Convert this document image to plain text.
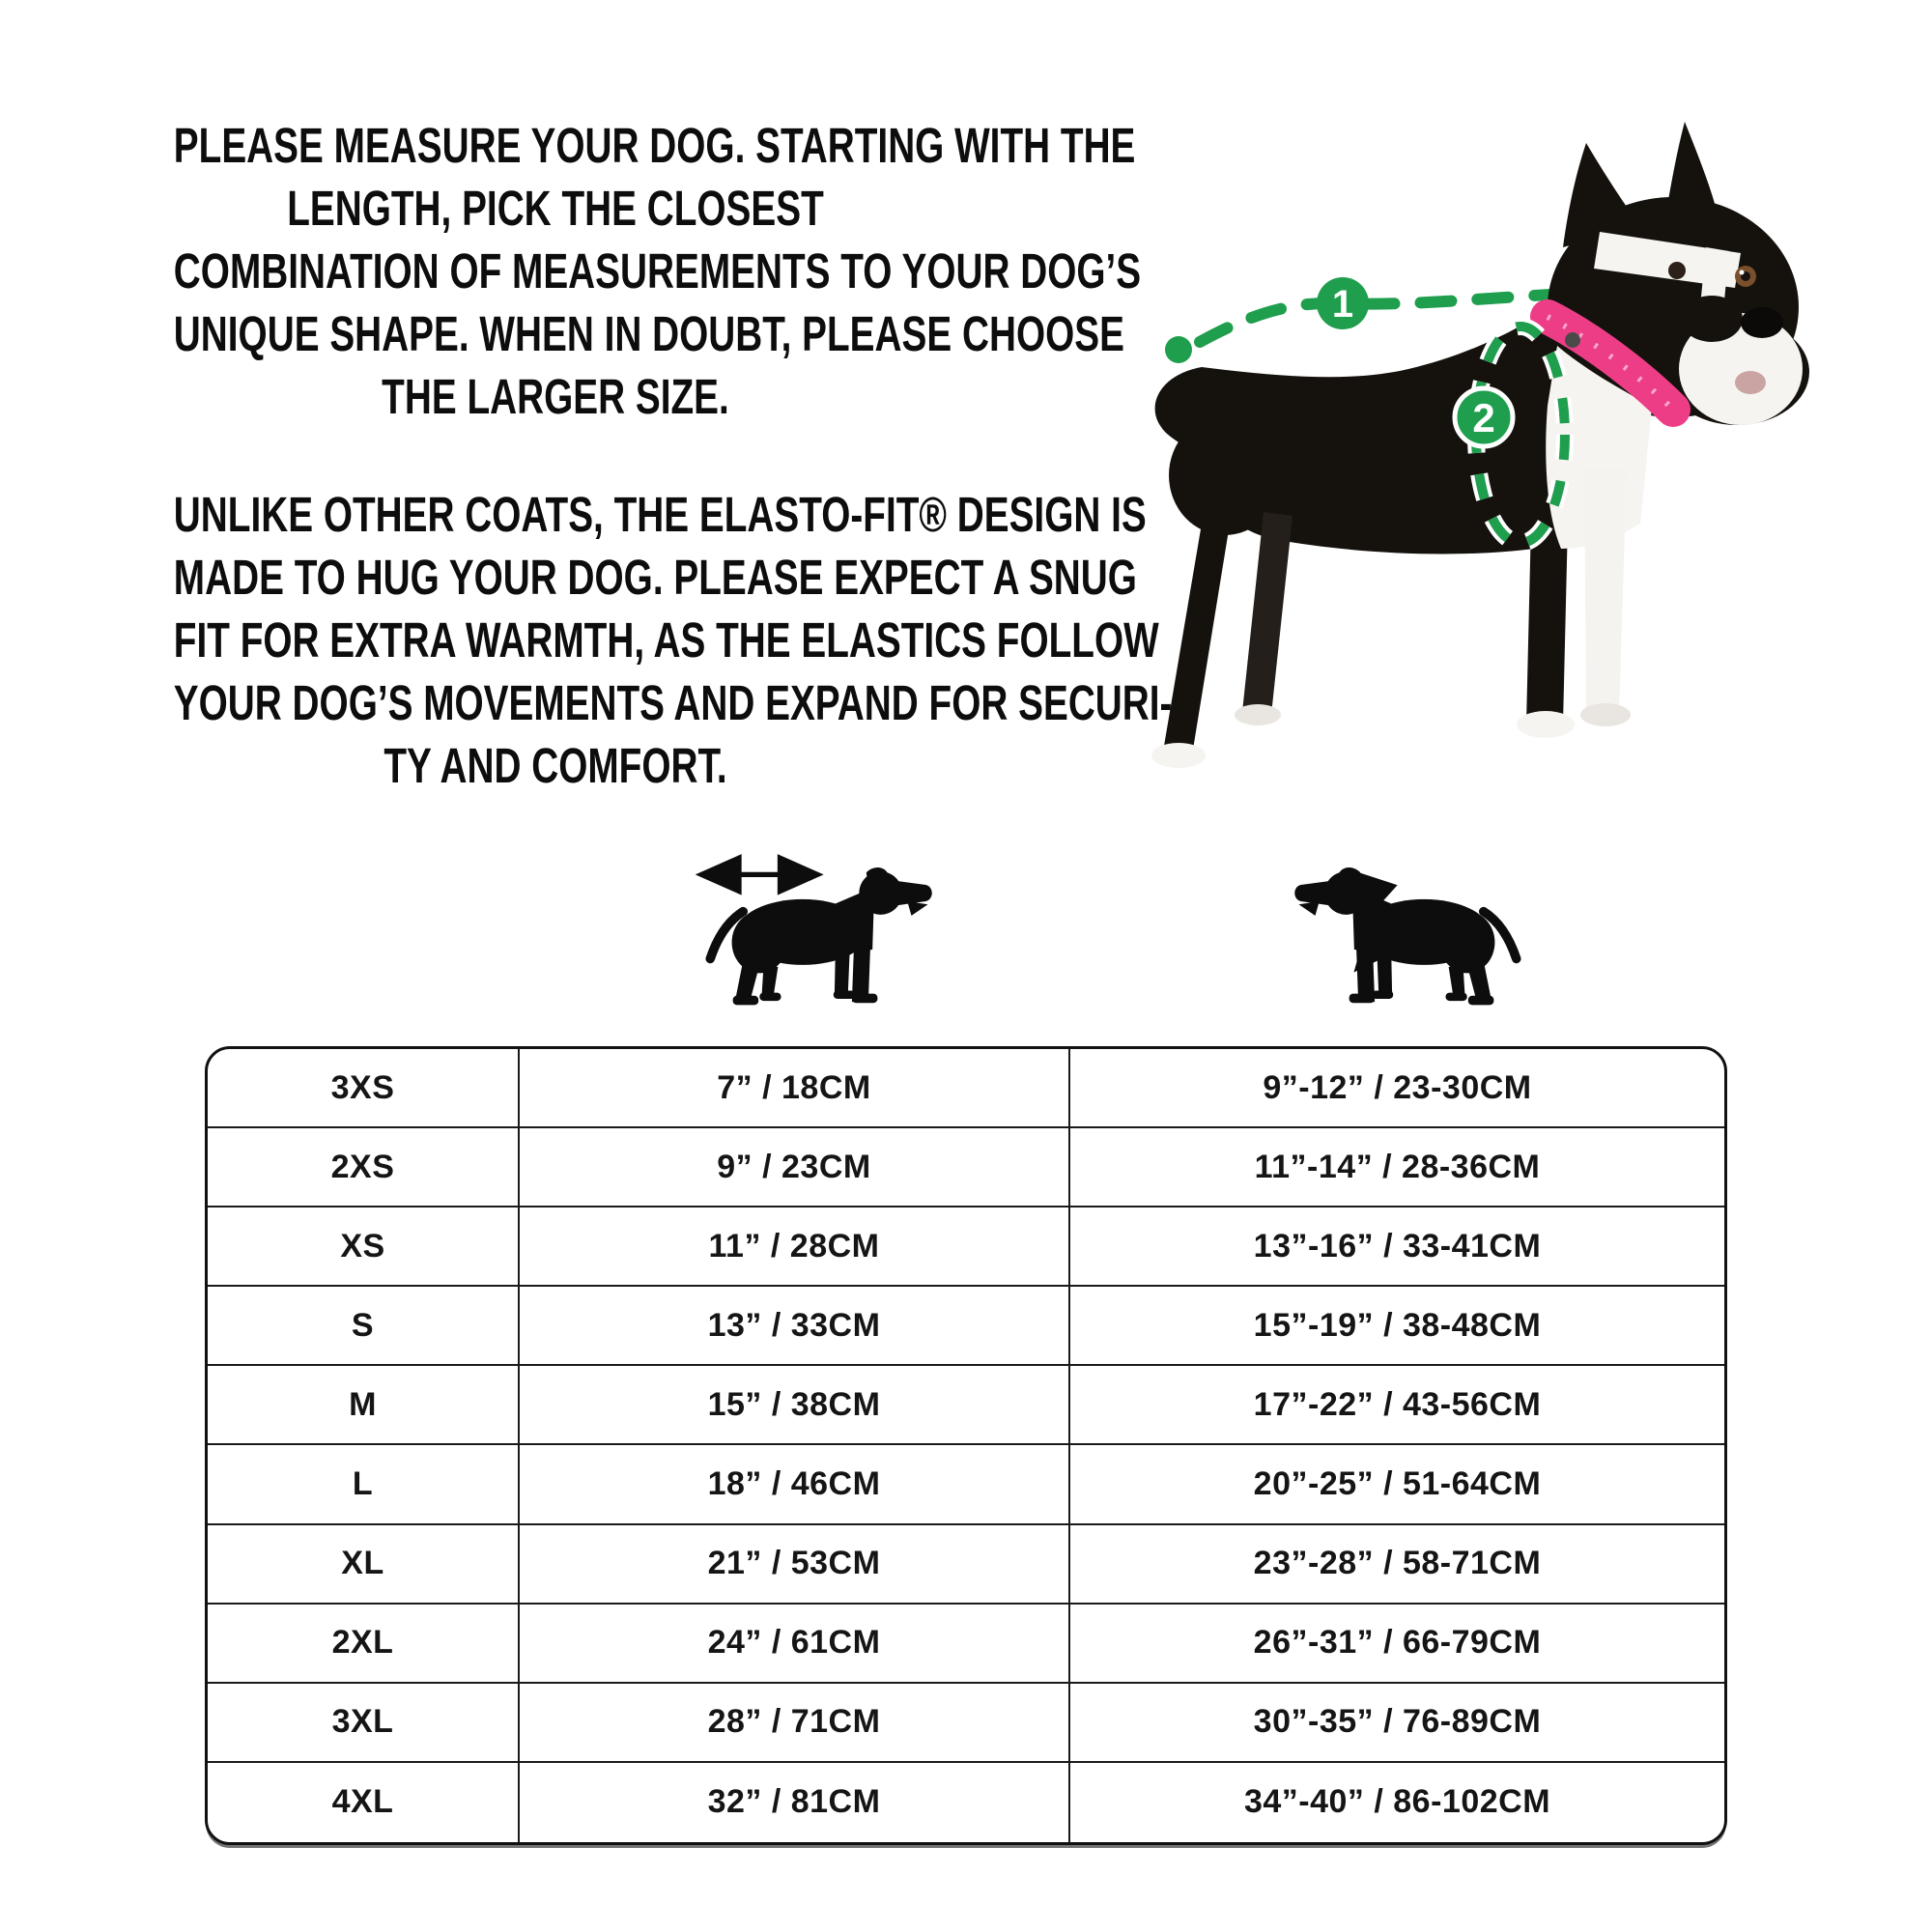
PLEASE MEASURE YOUR DOG. STARTING WITH THE
LENGTH, PICK THE CLOSEST
COMBINATION OF MEASUREMENTS TO YOUR DOG’S
UNIQUE SHAPE. WHEN IN DOUBT, PLEASE CHOOSE
THE LARGER SIZE.
UNLIKE OTHER COATS, THE ELASTO-FIT® DESIGN IS
MADE TO HUG YOUR DOG. PLEASE EXPECT A SNUG
FIT FOR EXTRA WARMTH, AS THE ELASTICS FOLLOW
YOUR DOG’S MOVEMENTS AND EXPAND FOR SECURI-
TY AND COMFORT.
1
2
3XS	7” / 18CM	9”-12” / 23-30CM
2XS	9” / 23CM	11”-14” / 28-36CM
XS	11” / 28CM	13”-16” / 33-41CM
S	13” / 33CM	15”-19” / 38-48CM
M	15” / 38CM	17”-22” / 43-56CM
L	18” / 46CM	20”-25” / 51-64CM
XL	21” / 53CM	23”-28” / 58-71CM
2XL	24” / 61CM	26”-31” / 66-79CM
3XL	28” / 71CM	30”-35” / 76-89CM
4XL	32” / 81CM	34”-40” / 86-102CM
